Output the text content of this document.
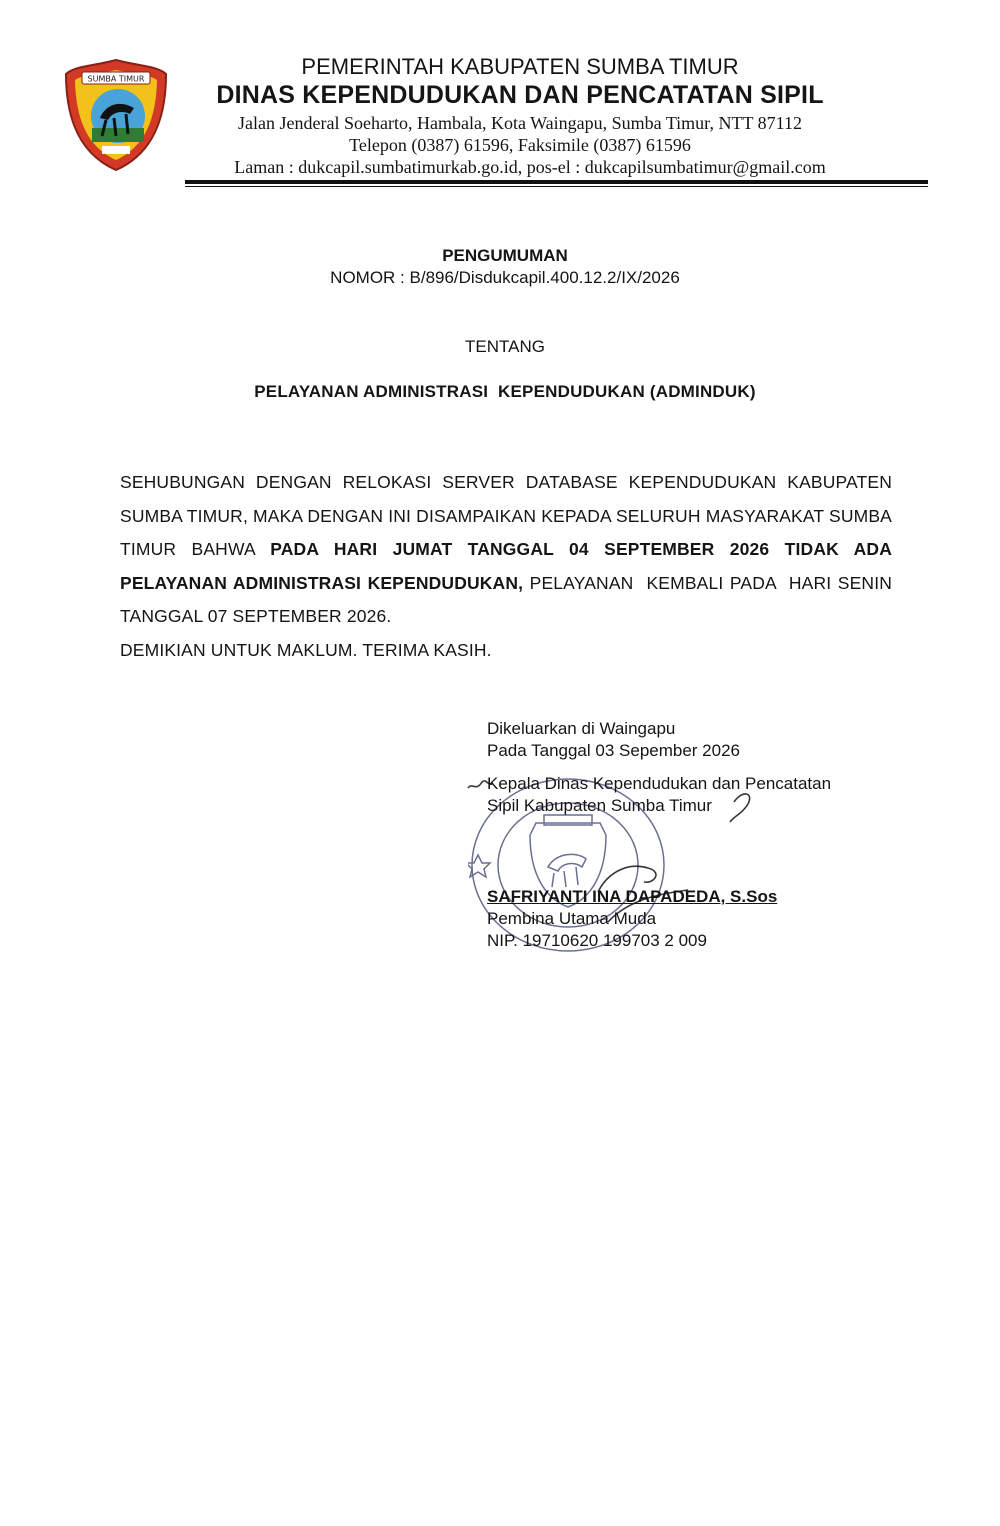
SUMBA TIMUR	PEMERINTAH KABUPATEN SUMBA TIMUR
DINAS KEPENDUDUKAN DAN PENCATATAN SIPIL
Jalan Jenderal Soeharto, Hambala, Kota Waingapu, Sumba Timur, NTT 87112
Telepon (0387) 61596, Faksimile (0387) 61596
Laman : dukcapil.sumbatimurkab.go.id, pos-el : dukcapilsumbatimur@gmail.com
PENGUMUMAN
NOMOR : B/896/Disdukcapil.400.12.2/IX/2026
TENTANG
PELAYANAN ADMINISTRASI  KEPENDUDUKAN (ADMINDUK)

SEHUBUNGAN DENGAN RELOKASI SERVER DATABASE KEPENDUDUKAN KABUPATEN SUMBA TIMUR, MAKA DENGAN INI DISAMPAIKAN KEPADA SELURUH MASYARAKAT SUMBA TIMUR BAHWA PADA HARI JUMAT TANGGAL 04 SEPTEMBER 2026 TIDAK ADA PELAYANAN ADMINISTRASI KEPENDUDUKAN, PELAYANAN  KEMBALI PADA  HARI SENIN TANGGAL 07 SEPTEMBER 2026.

DEMIKIAN UNTUK MAKLUM. TERIMA KASIH.

Dikeluarkan di Waingapu
Pada Tanggal 03 Sepember 2026
Kepala Dinas Kependudukan dan Pencatatan
Sipil Kabupaten Sumba Timur
SAFRIYANTI INA DAPADEDA, S.Sos
Pembina Utama Muda
NIP. 19710620 199703 2 009
